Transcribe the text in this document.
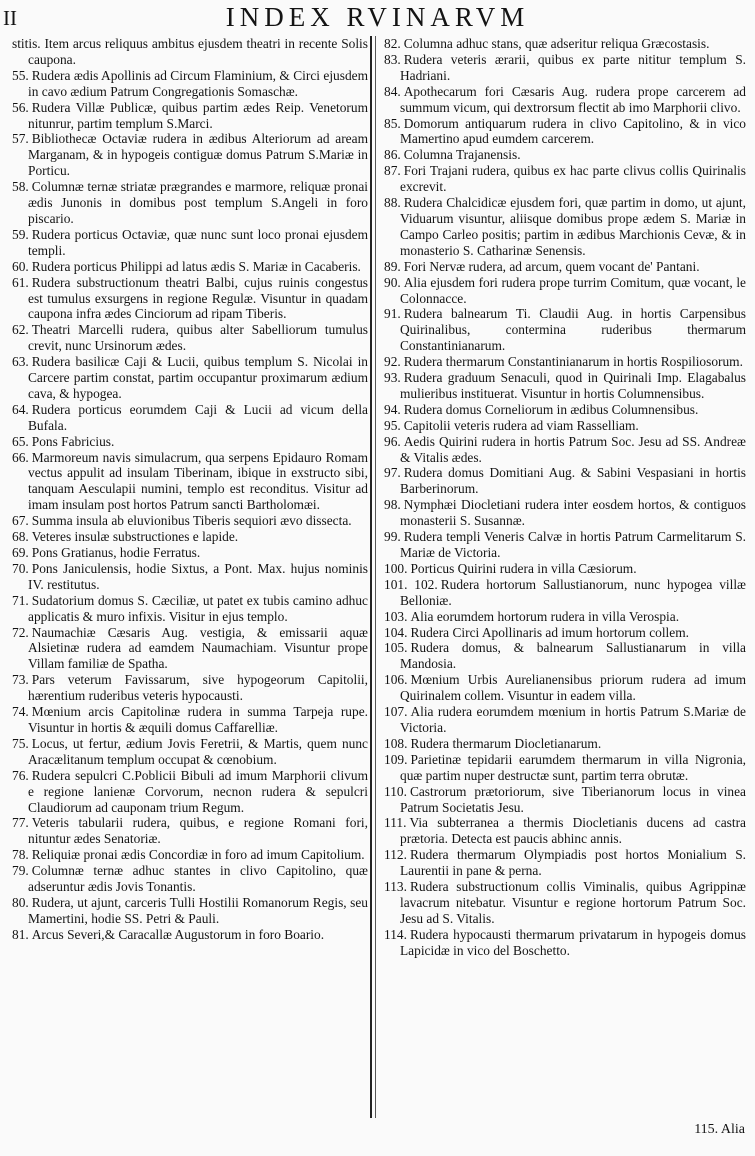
II	INDEX RVINARVM

stitis. Item arcus reliquus ambitus ejusdem theatri in recente Solis caupona.

55. Rudera ædis Apollinis ad Circum Flaminium, & Circi ejusdem in cavo ædium Patrum Congregationis Somaschæ.

56. Rudera Villæ Publicæ, quibus partim ædes Reip. Venetorum nitunrur, partim templum S.Marci.

57. Bibliothecæ Octaviæ rudera in ædibus Alteriorum ad aream Marganam, & in hypogeis contiguæ domus Patrum S.Mariæ in Porticu.

58. Columnæ ternæ striatæ prægrandes e marmore, reliquæ pronai ædis Junonis in domibus post templum S.Angeli in foro piscario.

59. Rudera porticus Octaviæ, quæ nunc sunt loco pronai ejusdem templi.

60. Rudera porticus Philippi ad latus ædis S. Mariæ in Cacaberis.

61. Rudera substructionum theatri Balbi, cujus ruinis congestus est tumulus exsurgens in regione Regulæ. Visuntur in quadam caupona infra ædes Cinciorum ad ripam Tiberis.

62. Theatri Marcelli rudera, quibus alter Sabelliorum tumulus crevit, nunc Ursinorum ædes.

63. Rudera basilicæ Caji & Lucii, quibus templum S. Nicolai in Carcere partim constat, partim occupantur proximarum ædium cava, & hypogea.

64. Rudera porticus eorumdem Caji & Lucii ad vicum della Bufala.

65. Pons Fabricius.

66. Marmoreum navis simulacrum, qua serpens Epidauro Romam vectus appulit ad insulam Tiberinam, ibique in exstructo sibi, tanquam Aesculapii numini, templo est reconditus. Visitur ad imam insulam post hortos Patrum sancti Bartholomæi.

67. Summa insula ab eluvionibus Tiberis sequiori ævo dissecta.

68. Veteres insulæ substructiones e lapide.

69. Pons Gratianus, hodie Ferratus.

70. Pons Janiculensis, hodie Sixtus, a Pont. Max. hujus nominis IV. restitutus.

71. Sudatorium domus S. Cæciliæ, ut patet ex tubis camino adhuc applicatis & muro infixis. Visitur in ejus templo.

72. Naumachiæ Cæsaris Aug. vestigia, & emissarii aquæ Alsietinæ rudera ad eamdem Naumachiam. Visuntur prope Villam familiæ de Spatha.

73. Pars veterum Favissarum, sive hypogeorum Capitolii, hærentium ruderibus veteris hypocausti.

74. Mœnium arcis Capitolinæ rudera in summa Tarpeja rupe. Visuntur in hortis & æquili domus Caffarelliæ.

75. Locus, ut fertur, ædium Jovis Feretrii, & Martis, quem nunc Aracælitanum templum occupat & cœnobium.

76. Rudera sepulcri C.Poblicii Bibuli ad imum Marphorii clivum e regione lanienæ Corvorum, necnon rudera & sepulcri Claudiorum ad cauponam trium Regum.

77. Veteris tabularii rudera, quibus, e regione Romani fori, nituntur ædes Senatoriæ.

78. Reliquiæ pronai ædis Concordiæ in foro ad imum Capitolium.

79. Columnæ ternæ adhuc stantes in clivo Capitolino, quæ adseruntur ædis Jovis Tonantis.

80. Rudera, ut ajunt, carceris Tulli Hostilii Romanorum Regis, seu Mamertini, hodie SS. Petri & Pauli.

81. Arcus Severi,& Caracallæ Augustorum in foro Boario.

82. Columna adhuc stans, quæ adseritur reliqua Græcostasis.

83. Rudera veteris ærarii, quibus ex parte nititur templum S. Hadriani.

84. Apothecarum fori Cæsaris Aug. rudera prope carcerem ad summum vicum, qui dextrorsum flectit ab imo Marphorii clivo.

85. Domorum antiquarum rudera in clivo Capitolino, & in vico Mamertino apud eumdem carcerem.

86. Columna Trajanensis.

87. Fori Trajani rudera, quibus ex hac parte clivus collis Quirinalis excrevit.

88. Rudera Chalcidicæ ejusdem fori, quæ partim in domo, ut ajunt, Viduarum visuntur, aliisque domibus prope ædem S. Mariæ in Campo Carleo positis; partim in ædibus Marchionis Cevæ, & in monasterio S. Catharinæ Senensis.

89. Fori Nervæ rudera, ad arcum, quem vocant de' Pantani.

90. Alia ejusdem fori rudera prope turrim Comitum, quæ vocant, le Colonnacce.

91. Rudera balnearum Ti. Claudii Aug. in hortis Carpensibus Quirinalibus, contermina ruderibus thermarum Constantinianarum.

92. Rudera thermarum Constantinianarum in hortis Rospiliosorum.

93. Rudera graduum Senaculi, quod in Quirinali Imp. Elagabalus mulieribus instituerat. Visuntur in hortis Columnensibus.

94. Rudera domus Corneliorum in ædibus Columnensibus.

95. Capitolii veteris rudera ad viam Rasselliam.

96. Aedis Quirini rudera in hortis Patrum Soc. Jesu ad SS. Andreæ & Vitalis ædes.

97. Rudera domus Domitiani Aug. & Sabini Vespasiani in hortis Barberinorum.

98. Nymphæi Diocletiani rudera inter eosdem hortos, & contiguos monasterii S. Susannæ.

99. Rudera templi Veneris Calvæ in hortis Patrum Carmelitarum S. Mariæ de Victoria.

100. Porticus Quirini rudera in villa Cæsiorum.

101. 102. Rudera hortorum Sallustianorum, nunc hypogea villæ Belloniæ.

103. Alia eorumdem hortorum rudera in villa Verospia.

104. Rudera Circi Apollinaris ad imum hortorum collem.

105. Rudera domus, & balnearum Sallustianarum in villa Mandosia.

106. Mœnium Urbis Aurelianensibus priorum rudera ad imum Quirinalem collem. Visuntur in eadem villa.

107. Alia rudera eorumdem mœnium in hortis Patrum S.Mariæ de Victoria.

108. Rudera thermarum Diocletianarum.

109. Parietinæ tepidarii earumdem thermarum in villa Nigronia, quæ partim nuper destructæ sunt, partim terra obrutæ.

110. Castrorum prætoriorum, sive Tiberianorum locus in vinea Patrum Societatis Jesu.

111. Via subterranea a thermis Diocletianis ducens ad castra prætoria. Detecta est paucis abhinc annis.

112. Rudera thermarum Olympiadis post hortos Monialium S. Laurentii in pane & perna.

113. Rudera substructionum collis Viminalis, quibus Agrippinæ lavacrum nitebatur. Visuntur e regione hortorum Patrum Soc. Jesu ad S. Vitalis.

114. Rudera hypocausti thermarum privatarum in hypogeis domus Lapicidæ in vico del Boschetto.

115. Alia
